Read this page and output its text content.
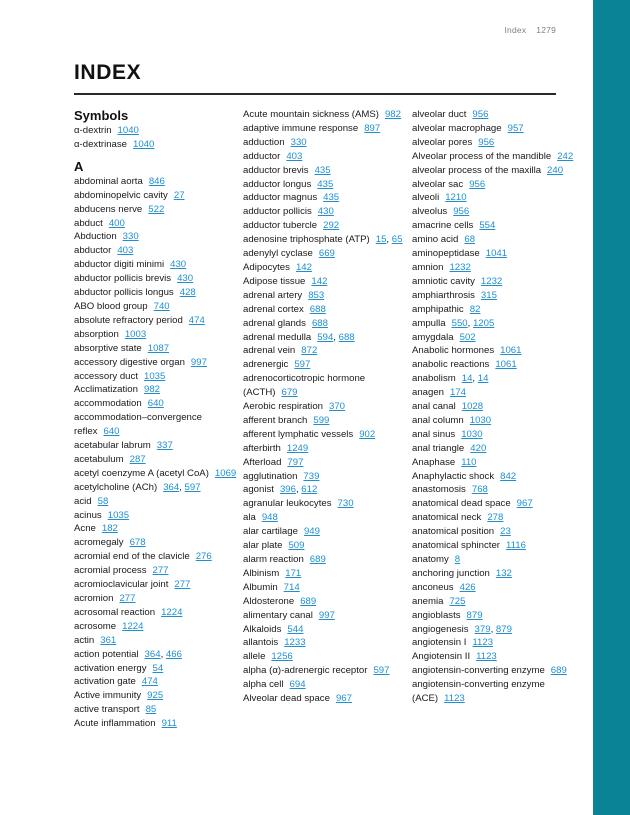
Index 1279
INDEX
Symbols
α-dextrin 1040
α-dextrinase 1040
A
abdominal aorta 846
abdominopelvic cavity 27
abducens nerve 522
abduct 400
Abduction 330
abductor 403
abductor digiti minimi 430
abductor pollicis brevis 430
abductor pollicis longus 428
ABO blood group 740
absolute refractory period 474
absorption 1003
absorptive state 1087
accessory digestive organ 997
accessory duct 1035
Acclimatization 982
accommodation 640
accommodation–convergence reflex 640
acetabular labrum 337
acetabulum 287
acetyl coenzyme A (acetyl CoA) 1069
acetylcholine (ACh) 364, 597
acid 58
acinus 1035
Acne 182
acromegaly 678
acromial end of the clavicle 276
acromial process 277
acromioclavicular joint 277
acromion 277
acrosomal reaction 1224
acrosome 1224
actin 361
action potential 364, 466
activation energy 54
activation gate 474
Active immunity 925
active transport 85
Acute inflammation 911
Acute mountain sickness (AMS) 982
adaptive immune response 897
adduction 330
adductor 403
adductor brevis 435
adductor longus 435
adductor magnus 435
adductor pollicis 430
adductor tubercle 292
adenosine triphosphate (ATP) 15, 65
adenylyl cyclase 669
Adipocytes 142
Adipose tissue 142
adrenal artery 853
adrenal cortex 688
adrenal glands 688
adrenal medulla 594, 688
adrenal vein 872
adrenergic 597
adrenocorticotropic hormone (ACTH) 679
Aerobic respiration 370
afferent branch 599
afferent lymphatic vessels 902
afterbirth 1249
Afterload 797
agglutination 739
agonist 396, 612
agranular leukocytes 730
ala 948
alar cartilage 949
alar plate 509
alarm reaction 689
Albinism 171
Albumin 714
Aldosterone 689
alimentary canal 997
Alkaloids 544
allantois 1233
allele 1256
alpha (α)-adrenergic receptor 597
alpha cell 694
Alveolar dead space 967
alveolar duct 956
alveolar macrophage 957
alveolar pores 956
Alveolar process of the mandible 242
alveolar process of the maxilla 240
alveolar sac 956
alveoli 1210
alveolus 956
amacrine cells 554
amino acid 68
aminopeptidase 1041
amnion 1232
amniotic cavity 1232
amphiarthrosis 315
amphipathic 82
ampulla 550, 1205
amygdala 502
Anabolic hormones 1061
anabolic reactions 1061
anabolism 14, 14
anagen 174
anal canal 1028
anal column 1030
anal sinus 1030
anal triangle 420
Anaphase 110
Anaphylactic shock 842
anastomosis 768
anatomical dead space 967
anatomical neck 278
anatomical position 23
anatomical sphincter 1116
anatomy 8
anchoring junction 132
anconeus 426
anemia 725
angioblasts 879
angiogenesis 379, 879
angiotensin I 1123
Angiotensin II 1123
angiotensin-converting enzyme 689
angiotensin-converting enzyme (ACE) 1123
